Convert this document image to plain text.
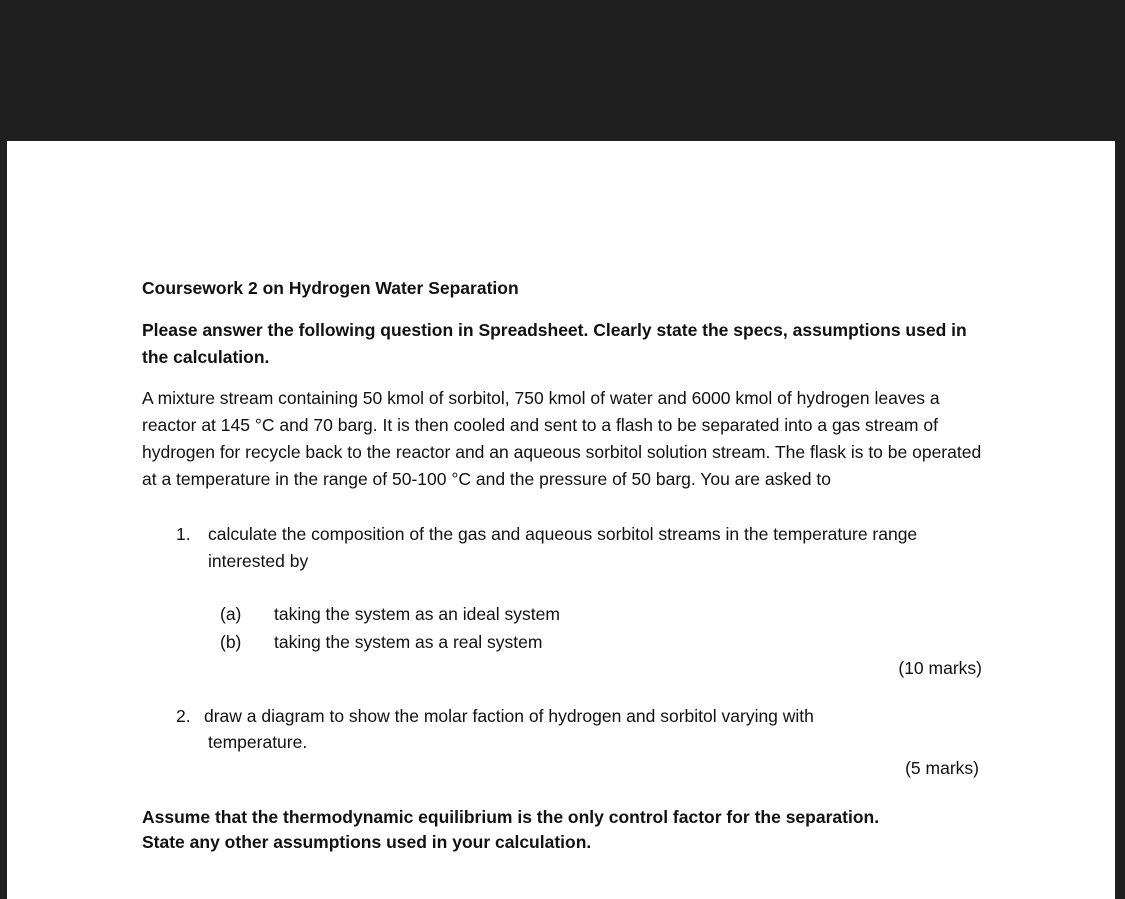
Coursework 2 on Hydrogen Water Separation

Please answer the following question in Spreadsheet. Clearly state the specs, assumptions used in the calculation.

A mixture stream containing 50 kmol of sorbitol, 750 kmol of water and 6000 kmol of hydrogen leaves a reactor at 145 °C and 70 barg. It is then cooled and sent to a flash to be separated into a gas stream of hydrogen for recycle back to the reactor and an aqueous sorbitol solution stream. The flask is to be operated at a temperature in the range of 50-100 °C and the pressure of 50 barg. You are asked to

1. calculate the composition of the gas and aqueous sorbitol streams in the temperature range interested by

(a) taking the system as an ideal system
(b) taking the system as a real system
(10 marks)
2. draw a diagram to show the molar faction of hydrogen and sorbitol varying with
temperature.
(5 marks)

Assume that the thermodynamic equilibrium is the only control factor for the separation.

State any other assumptions used in your calculation.
